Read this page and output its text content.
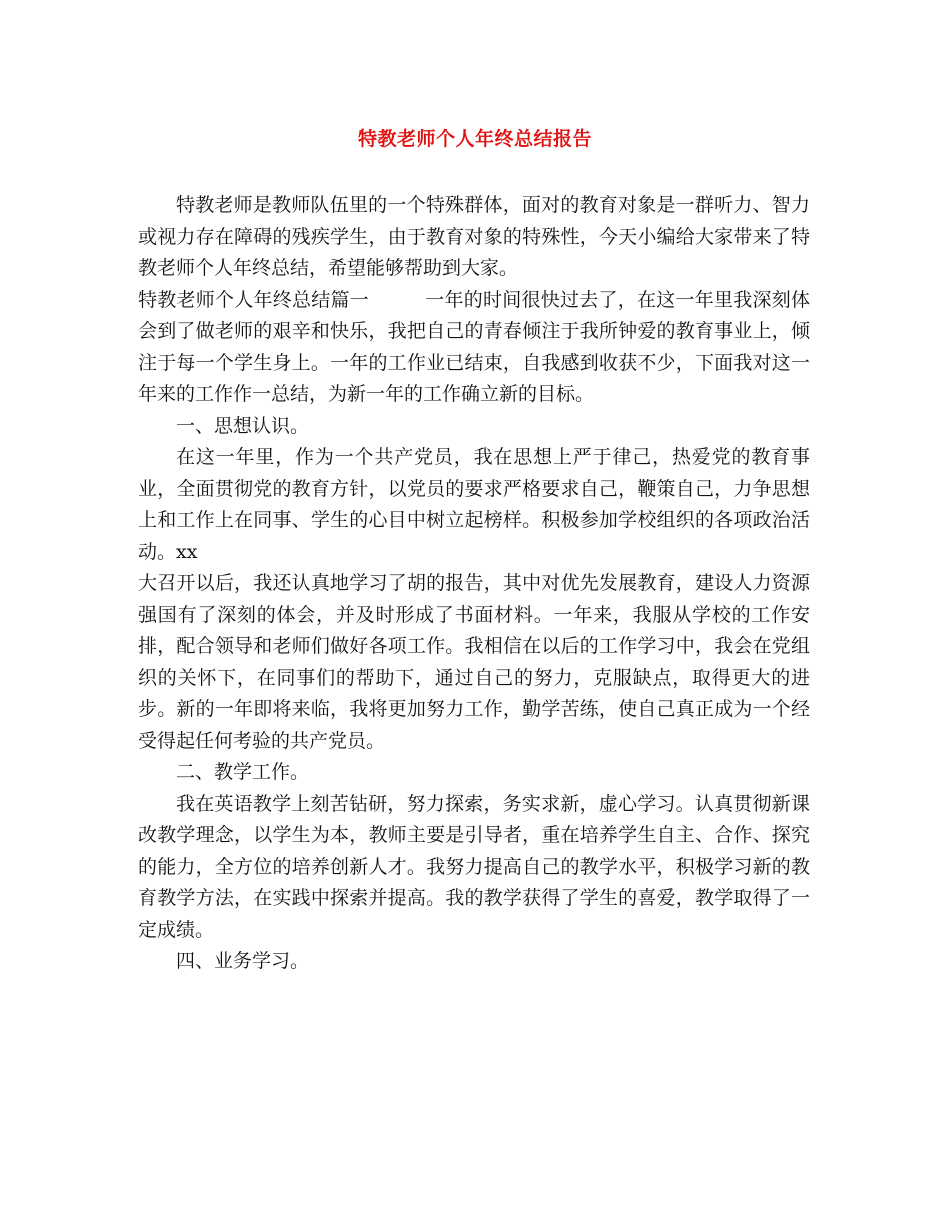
特教老师个人年终总结报告

特教老师是教师队伍里的一个特殊群体，面对的教育对象是一群听力、智力或视力存在障碍的残疾学生，由于教育对象的特殊性，今天小编给大家带来了特教老师个人年终总结，希望能够帮助到大家。

特教老师个人年终总结篇一	一年的时间很快过去了，在这一年里我深刻体会到了做老师的艰辛和快乐，我把自己的青春倾注于我所钟爱的教育事业上，倾注于每一个学生身上。一年的工作业已结束，自我感到收获不少，下面我对这一年来的工作作一总结，为新一年的工作确立新的目标。

一、思想认识。

在这一年里，作为一个共产党员，我在思想上严于律己，热爱党的教育事业，全面贯彻党的教育方针，以党员的要求严格要求自己，鞭策自己，力争思想上和工作上在同事、学生的心目中树立起榜样。积极参加学校组织的各项政治活动。xx

大召开以后，我还认真地学习了胡的报告，其中对优先发展教育，建设人力资源强国有了深刻的体会，并及时形成了书面材料。一年来，我服从学校的工作安排，配合领导和老师们做好各项工作。我相信在以后的工作学习中，我会在党组织的关怀下，在同事们的帮助下，通过自己的努力，克服缺点，取得更大的进步。新的一年即将来临，我将更加努力工作，勤学苦练，使自己真正成为一个经受得起任何考验的共产党员。

二、教学工作。

我在英语教学上刻苦钻研，努力探索，务实求新，虚心学习。认真贯彻新课改教学理念，以学生为本，教师主要是引导者，重在培养学生自主、合作、探究的能力，全方位的培养创新人才。我努力提高自己的教学水平，积极学习新的教育教学方法，在实践中探索并提高。我的教学获得了学生的喜爱，教学取得了一定成绩。

四、业务学习。
